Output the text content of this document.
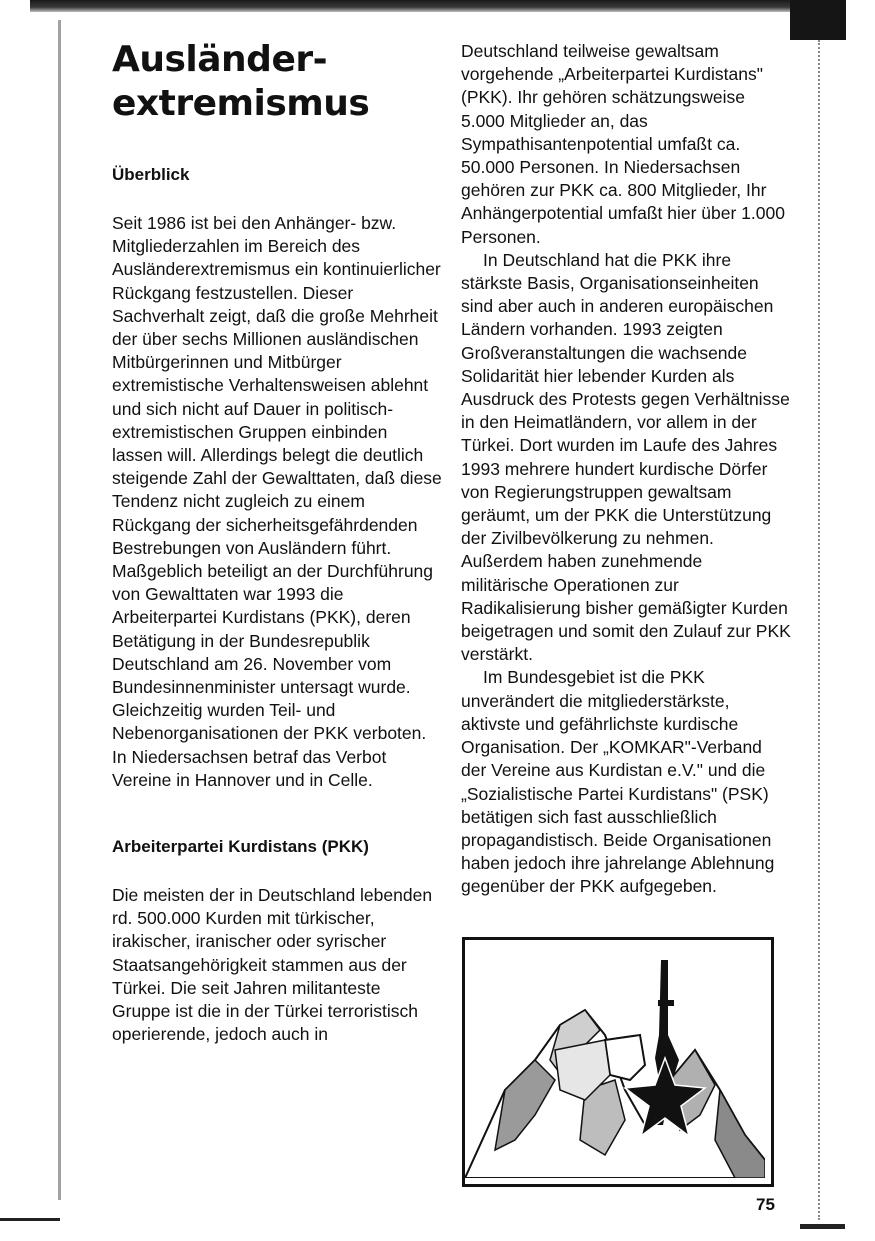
Ausländer-
extremismus
Überblick

Seit 1986 ist bei den Anhänger- bzw. Mitgliederzahlen im Bereich des Ausländerextremismus ein kontinuierlicher Rückgang festzustellen. Dieser Sachverhalt zeigt, daß die große Mehrheit der über sechs Millionen ausländischen Mitbürgerinnen und Mitbürger extremistische Verhaltensweisen ablehnt und sich nicht auf Dauer in politisch-extremistischen Gruppen einbinden lassen will. Allerdings belegt die deutlich steigende Zahl der Gewalttaten, daß diese Tendenz nicht zugleich zu einem Rückgang der sicherheitsgefährdenden Bestrebungen von Ausländern führt. Maßgeblich beteiligt an der Durchführung von Gewalttaten war 1993 die Arbeiterpartei Kurdistans (PKK), deren Betätigung in der Bundesrepublik Deutschland am 26. November vom Bundesinnenminister untersagt wurde. Gleichzeitig wurden Teil- und Nebenorganisationen der PKK verboten. In Niedersachsen betraf das Verbot Vereine in Hannover und in Celle.

Arbeiterpartei Kurdistans (PKK)

Die meisten der in Deutschland lebenden rd. 500.000 Kurden mit türkischer, irakischer, iranischer oder syrischer Staatsangehörigkeit stammen aus der Türkei. Die seit Jahren militanteste Gruppe ist die in der Türkei terroristisch operierende, jedoch auch in

Deutschland teilweise gewaltsam vorgehende „Arbeiterpartei Kurdistans" (PKK). Ihr gehören schätzungsweise 5.000 Mitglieder an, das Sympathisantenpotential umfaßt ca. 50.000 Personen. In Niedersachsen gehören zur PKK ca. 800 Mitglieder, Ihr Anhängerpotential umfaßt hier über 1.000 Personen.

In Deutschland hat die PKK ihre stärkste Basis, Organisationseinheiten sind aber auch in anderen europäischen Ländern vorhanden. 1993 zeigten Großveranstaltungen die wachsende Solidarität hier lebender Kurden als Ausdruck des Protests gegen Verhältnisse in den Heimatländern, vor allem in der Türkei. Dort wurden im Laufe des Jahres 1993 mehrere hundert kurdische Dörfer von Regierungstruppen gewaltsam geräumt, um der PKK die Unterstützung der Zivilbevölkerung zu nehmen. Außerdem haben zunehmende militärische Operationen zur Radikalisierung bisher gemäßigter Kurden beigetragen und somit den Zulauf zur PKK verstärkt.

Im Bundesgebiet ist die PKK unverändert die mitgliederstärkste, aktivste und gefährlichste kurdische Organisation. Der „KOMKAR"-Verband der Vereine aus Kurdistan e.V." und die „Sozialistische Partei Kurdistans" (PSK) betätigen sich fast ausschließlich propagandistisch. Beide Organisationen haben jedoch ihre jahrelange Ablehnung gegenüber der PKK aufgegeben.

75
